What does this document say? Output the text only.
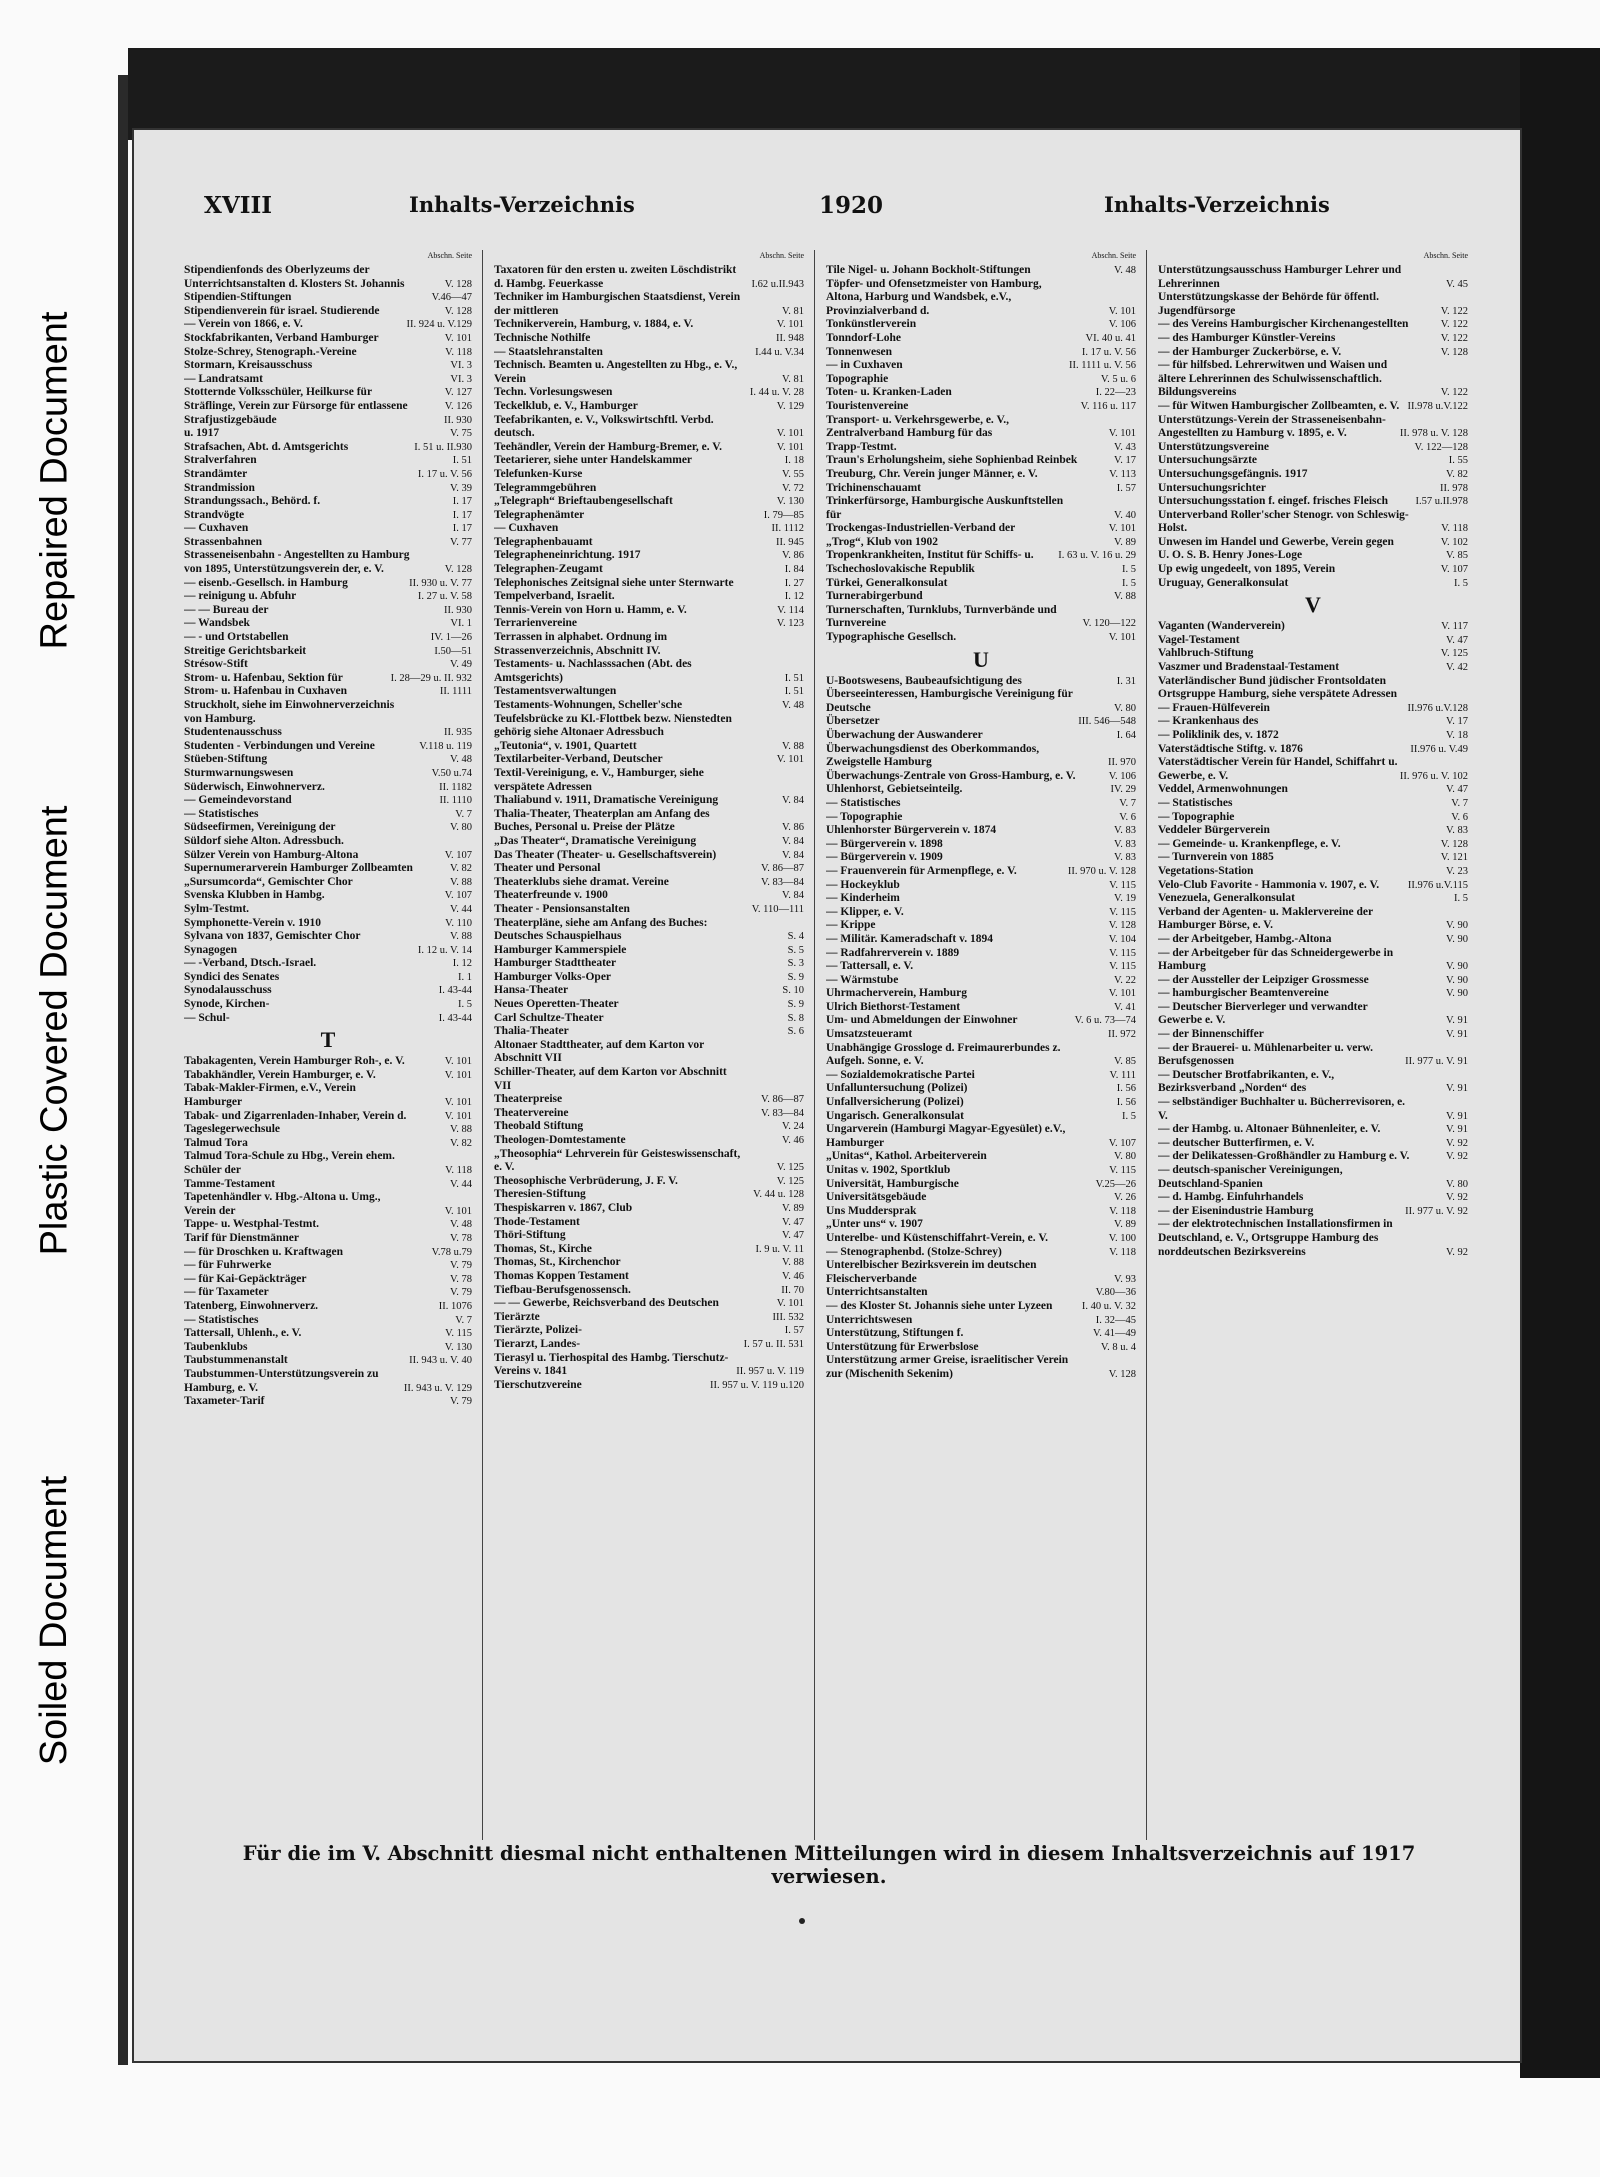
Repaired Document
Plastic Covered Document
Soiled Document
XVIII	Inhalts-Verzeichnis	1920	Inhalts-Verzeichnis
Abschn. Seite
Stipendienfonds des Oberlyzeums der Unterrichtsanstalten d. Klosters St. Johannis	V. 128
Stipendien-Stiftungen	V.46—47
Stipendienverein für israel. Studierende	V. 128
— Verein von 1866, e. V.	II. 924 u. V.129
Stockfabrikanten, Verband Hamburger	V. 101
Stolze-Schrey, Stenograph.-Vereine	V. 118
Stormarn, Kreisausschuss	VI. 3
— Landratsamt	VI. 3
Stotternde Volksschüler, Heilkurse für	V. 127
Sträflinge, Verein zur Fürsorge für entlassene	V. 126
Strafjustizgebäude	II. 930
u. 1917	V. 75
Strafsachen, Abt. d. Amtsgerichts	I. 51 u. II.930
Stralverfahren	I. 51
Strandämter	I. 17 u. V. 56
Strandmission	V. 39
Strandungssach., Behörd. f.	I. 17
Strandvögte	I. 17
— Cuxhaven	I. 17
Strassenbahnen	V. 77
Strasseneisenbahn - Angestellten zu Hamburg von 1895, Unterstützungsverein der, e. V.	V. 128
— eisenb.-Gesellsch. in Hamburg	II. 930 u. V. 77
— reinigung u. Abfuhr	I. 27 u. V. 58
— — Bureau der	II. 930
— Wandsbek	VI. 1
— - und Ortstabellen	IV. 1—26
Streitige Gerichtsbarkeit	I.50—51
Strésow-Stift	V. 49
Strom- u. Hafenbau, Sektion für	I. 28—29 u. II. 932
Strom- u. Hafenbau in Cuxhaven	II. 1111
Struckholt, siehe im Einwohnerverzeichnis von Hamburg.
Studentenausschuss	II. 935
Studenten - Verbindungen und Vereine	V.118 u. 119
Stüeben-Stiftung	V. 48
Sturmwarnungswesen	V.50 u.74
Süderwisch, Einwohnerverz.	II. 1182
— Gemeindevorstand	II. 1110
— Statistisches	V. 7
Südseefirmen, Vereinigung der	V. 80
Süldorf siehe Alton. Adressbuch.
Sülzer Verein von Hamburg-Altona	V. 107
Supernumerarverein Hamburger Zollbeamten	V. 82
„Sursumcorda“, Gemischter Chor	V. 88
Svenska Klubben in Hambg.	V. 107
Sylm-Testmt.	V. 44
Symphonette-Verein v. 1910	V. 110
Sylvana von 1837, Gemischter Chor	V. 88
Synagogen	I. 12 u. V. 14
— -Verband, Dtsch.-Israel.	I. 12
Syndici des Senates	I. 1
Synodalausschuss	I. 43-44
Synode, Kirchen-	I. 5
— Schul-	I. 43-44
T
Tabakagenten, Verein Hamburger Roh-, e. V.	V. 101
Tabakhändler, Verein Hamburger, e. V.	V. 101
Tabak-Makler-Firmen, e.V., Verein Hamburger	V. 101
Tabak- und Zigarrenladen-Inhaber, Verein d.	V. 101
Tageslegerwechsule	V. 88
Talmud Tora	V. 82
Talmud Tora-Schule zu Hbg., Verein ehem. Schüler der	V. 118
Tamme-Testament	V. 44
Tapetenhändler v. Hbg.-Altona u. Umg., Verein der	V. 101
Tappe- u. Westphal-Testmt.	V. 48
Tarif für Dienstmänner	V. 78
— für Droschken u. Kraftwagen	V.78 u.79
— für Fuhrwerke	V. 79
— für Kai-Gepäckträger	V. 78
— für Taxameter	V. 79
Tatenberg, Einwohnerverz.	II. 1076
— Statistisches	V. 7
Tattersall, Uhlenh., e. V.	V. 115
Taubenklubs	V. 130
Taubstummenanstalt	II. 943 u. V. 40
Taubstummen-Unterstützungsverein zu Hamburg, e. V.	II. 943 u. V. 129
Taxameter-Tarif	V. 79
Abschn. Seite
Taxatoren für den ersten u. zweiten Löschdistrikt d. Hambg. Feuerkasse	I.62 u.II.943
Techniker im Hamburgischen Staatsdienst, Verein der mittleren	V. 81
Technikerverein, Hamburg, v. 1884, e. V.	V. 101
Technische Nothilfe	II. 948
— Staatslehranstalten	I.44 u. V.34
Technisch. Beamten u. Angestellten zu Hbg., e. V., Verein	V. 81
Techn. Vorlesungswesen	I. 44 u. V. 28
Teckelklub, e. V., Hamburger	V. 129
Teefabrikanten, e. V., Volkswirtschftl. Verbd. deutsch.	V. 101
Teehändler, Verein der Hamburg-Bremer, e. V.	V. 101
Teetarierer, siehe unter Handelskammer	I. 18
Telefunken-Kurse	V. 55
Telegrammgebühren	V. 72
„Telegraph“ Brieftaubengesellschaft	V. 130
Telegraphenämter	I. 79—85
— Cuxhaven	II. 1112
Telegraphenbauamt	II. 945
Telegrapheneinrichtung. 1917	V. 86
Telegraphen-Zeugamt	I. 84
Telephonisches Zeitsignal siehe unter Sternwarte	I. 27
Tempelverband, Israelit.	I. 12
Tennis-Verein von Horn u. Hamm, e. V.	V. 114
Terrarienvereine	V. 123
Terrassen in alphabet. Ordnung im Strassenverzeichnis, Abschnitt IV.
Testaments- u. Nachlasssachen (Abt. des Amtsgerichts)	I. 51
Testamentsverwaltungen	I. 51
Testaments-Wohnungen, Scheller'sche	V. 48
Teufelsbrücke zu Kl.-Flottbek bezw. Nienstedten gehörig siehe Altonaer Adressbuch
„Teutonia“, v. 1901, Quartett	V. 88
Textilarbeiter-Verband, Deutscher	V. 101
Textil-Vereinigung, e. V., Hamburger, siehe verspätete Adressen
Thaliabund v. 1911, Dramatische Vereinigung	V. 84
Thalia-Theater, Theaterplan am Anfang des Buches, Personal u. Preise der Plätze	V. 86
„Das Theater“, Dramatische Vereinigung	V. 84
Das Theater (Theater- u. Gesellschaftsverein)	V. 84
Theater und Personal	V. 86—87
Theaterklubs siehe dramat. Vereine	V. 83—84
Theaterfreunde v. 1900	V. 84
Theater - Pensionsanstalten	V. 110—111
Theaterpläne, siehe am Anfang des Buches:
Deutsches Schauspielhaus	S. 4
Hamburger Kammerspiele	S. 5
Hamburger Stadttheater	S. 3
Hamburger Volks-Oper	S. 9
Hansa-Theater	S. 10
Neues Operetten-Theater	S. 9
Carl Schultze-Theater	S. 8
Thalia-Theater	S. 6
Altonaer Stadttheater, auf dem Karton vor Abschnitt VII
Schiller-Theater, auf dem Karton vor Abschnitt VII
Theaterpreise	V. 86—87
Theatervereine	V. 83—84
Theobald Stiftung	V. 24
Theologen-Domtestamente	V. 46
„Theosophia“ Lehrverein für Geisteswissenschaft, e. V.	V. 125
Theosophische Verbrüderung, J. F. V.	V. 125
Theresien-Stiftung	V. 44 u. 128
Thespiskarren v. 1867, Club	V. 89
Thode-Testament	V. 47
Thöri-Stiftung	V. 47
Thomas, St., Kirche	I. 9 u. V. 11
Thomas, St., Kirchenchor	V. 88
Thomas Koppen Testament	V. 46
Tiefbau-Berufsgenossensch.	II. 70
— — Gewerbe, Reichsverband des Deutschen	V. 101
Tierärzte	III. 532
Tierärzte, Polizei-	I. 57
Tierarzt, Landes-	I. 57 u. II. 531
Tierasyl u. Tierhospital des Hambg. Tierschutz-Vereins v. 1841	II. 957 u. V. 119
Tierschutzvereine	II. 957 u. V. 119 u.120
Abschn. Seite
Tile Nigel- u. Johann Bockholt-Stiftungen	V. 48
Töpfer- und Ofensetzmeister von Hamburg, Altona, Harburg und Wandsbek, e.V., Provinzialverband d.	V. 101
Tonkünstlerverein	V. 106
Tonndorf-Lohe	VI. 40 u. 41
Tonnenwesen	I. 17 u. V. 56
— in Cuxhaven	II. 1111 u. V. 56
Topographie	V. 5 u. 6
Toten- u. Kranken-Laden	I. 22—23
Touristenvereine	V. 116 u. 117
Transport- u. Verkehrsgewerbe, e. V., Zentralverband Hamburg für das	V. 101
Trapp-Testmt.	V. 43
Traun's Erholungsheim, siehe Sophienbad Reinbek	V. 17
Treuburg, Chr. Verein junger Männer, e. V.	V. 113
Trichinenschauamt	I. 57
Trinkerfürsorge, Hamburgische Auskunftstellen für	V. 40
Trockengas-Industriellen-Verband der	V. 101
„Trog“, Klub von 1902	V. 89
Tropenkrankheiten, Institut für Schiffs- u.	I. 63 u. V. 16 u. 29
Tschechoslovakische Republik	I. 5
Türkei, Generalkonsulat	I. 5
Turnerabirgerbund	V. 88
Turnerschaften, Turnklubs, Turnverbände und Turnvereine	V. 120—122
Typographische Gesellsch.	V. 101
U
U-Bootswesens, Baubeaufsichtigung des	I. 31
Überseeinteressen, Hamburgische Vereinigung für Deutsche	V. 80
Übersetzer	III. 546—548
Überwachung der Auswanderer	I. 64
Überwachungsdienst des Oberkommandos, Zweigstelle Hamburg	II. 970
Überwachungs-Zentrale von Gross-Hamburg, e. V.	V. 106
Uhlenhorst, Gebietseinteilg.	IV. 29
— Statistisches	V. 7
— Topographie	V. 6
Uhlenhorster Bürgerverein v. 1874	V. 83
— Bürgerverein v. 1898	V. 83
— Bürgerverein v. 1909	V. 83
— Frauenverein für Armenpflege, e. V.	II. 970 u. V. 128
— Hockeyklub	V. 115
— Kinderheim	V. 19
— Klipper, e. V.	V. 115
— Krippe	V. 128
— Militär. Kameradschaft v. 1894	V. 104
— Radfahrerverein v. 1889	V. 115
— Tattersall, e. V.	V. 115
— Wärmstube	V. 22
Uhrmacherverein, Hamburg	V. 101
Ulrich Biethorst-Testament	V. 41
Um- und Abmeldungen der Einwohner	V. 6 u. 73—74
Umsatzsteueramt	II. 972
Unabhängige Grossloge d. Freimaurerbundes z. Aufgeh. Sonne, e. V.	V. 85
— Sozialdemokratische Partei	V. 111
Unfalluntersuchung (Polizei)	I. 56
Unfallversicherung (Polizei)	I. 56
Ungarisch. Generalkonsulat	I. 5
Ungarverein (Hamburgi Magyar-Egyesület) e.V., Hamburger	V. 107
„Unitas“, Kathol. Arbeiterverein	V. 80
Unitas v. 1902, Sportklub	V. 115
Universität, Hamburgische	V.25—26
Universitätsgebäude	V. 26
Uns Muddersprak	V. 118
„Unter uns“ v. 1907	V. 89
Unterelbe- und Küstenschiffahrt-Verein, e. V.	V. 100
— Stenographenbd. (Stolze-Schrey)	V. 118
Unterelbischer Bezirksverein im deutschen Fleischerverbande	V. 93
Unterrichtsanstalten	V.80—36
— des Kloster St. Johannis siehe unter Lyzeen	I. 40 u. V. 32
Unterrichtswesen	I. 32—45
Unterstützung, Stiftungen f.	V. 41—49
Unterstützung für Erwerbslose	V. 8 u. 4
Unterstützung armer Greise, israelitischer Verein zur (Mischenith Sekenim)	V. 128
Abschn. Seite
Unterstützungsausschuss Hamburger Lehrer und Lehrerinnen	V. 45
Unterstützungskasse der Behörde für öffentl. Jugendfürsorge	V. 122
— des Vereins Hamburgischer Kirchenangestellten	V. 122
— des Hamburger Künstler-Vereins	V. 122
— der Hamburger Zuckerbörse, e. V.	V. 128
— für hilfsbed. Lehrerwitwen und Waisen und ältere Lehrerinnen des Schulwissenschaftlich. Bildungsvereins	V. 122
— für Witwen Hamburgischer Zollbeamten, e. V. II.978 u.V.122
Unterstützungs-Verein der Strasseneisenbahn-Angestellten zu Hamburg v. 1895, e. V.	II. 978 u. V. 128
Unterstützungsvereine	V. 122—128
Untersuchungsärzte	I. 55
Untersuchungsgefängnis. 1917	V. 82
Untersuchungsrichter	II. 978
Untersuchungsstation f. eingef. frisches Fleisch	I.57 u.II.978
Unterverband Roller'scher Stenogr. von Schleswig-Holst.	V. 118
Unwesen im Handel und Gewerbe, Verein gegen	V. 102
U. O. S. B. Henry Jones-Loge	V. 85
Up ewig ungedeelt, von 1895, Verein	V. 107
Uruguay, Generalkonsulat	I. 5
V
Vaganten (Wanderverein)	V. 117
Vagel-Testament	V. 47
Vahlbruch-Stiftung	V. 125
Vaszmer und Bradenstaal-Testament	V. 42
Vaterländischer Bund jüdischer Frontsoldaten Ortsgruppe Hamburg, siehe verspätete Adressen
— Frauen-Hülfeverein	II.976 u.V.128
— Krankenhaus des	V. 17
— Poliklinik des, v. 1872	V. 18
Vaterstädtische Stiftg. v. 1876	II.976 u. V.49
Vaterstädtischer Verein für Handel, Schiffahrt u. Gewerbe, e. V.	II. 976 u. V. 102
Veddel, Armenwohnungen	V. 47
— Statistisches	V. 7
— Topographie	V. 6
Veddeler Bürgerverein	V. 83
— Gemeinde- u. Krankenpflege, e. V.	V. 128
— Turnverein von 1885	V. 121
Vegetations-Station	V. 23
Velo-Club Favorite - Hammonia v. 1907, e. V.	II.976 u.V.115
Venezuela, Generalkonsulat	I. 5
Verband der Agenten- u. Maklervereine der Hamburger Börse, e. V.	V. 90
— der Arbeitgeber, Hambg.-Altona	V. 90
— der Arbeitgeber für das Schneidergewerbe in Hamburg	V. 90
— der Aussteller der Leipziger Grossmesse	V. 90
— hamburgischer Beamtenvereine	V. 90
— Deutscher Bierverleger und verwandter Gewerbe e. V.	V. 91
— der Binnenschiffer	V. 91
— der Brauerei- u. Mühlenarbeiter u. verw. Berufsgenossen	II. 977 u. V. 91
— Deutscher Brotfabrikanten, e. V., Bezirksverband „Norden“ des	V. 91
— selbständiger Buchhalter u. Bücherrevisoren, e. V.	V. 91
— der Hambg. u. Altonaer Bühnenleiter, e. V.	V. 91
— deutscher Butterfirmen, e. V.	V. 92
— der Delikatessen-Großhändler zu Hamburg e. V.	V. 92
— deutsch-spanischer Vereinigungen, Deutschland-Spanien	V. 80
— d. Hambg. Einfuhrhandels	V. 92
— der Eisenindustrie Hamburg	II. 977 u. V. 92
— der elektrotechnischen Installationsfirmen in Deutschland, e. V., Ortsgruppe Hamburg des norddeutschen Bezirksvereins	V. 92
Für die im V. Abschnitt diesmal nicht enthaltenen Mitteilungen wird in diesem Inhaltsverzeichnis auf 1917 verwiesen.
